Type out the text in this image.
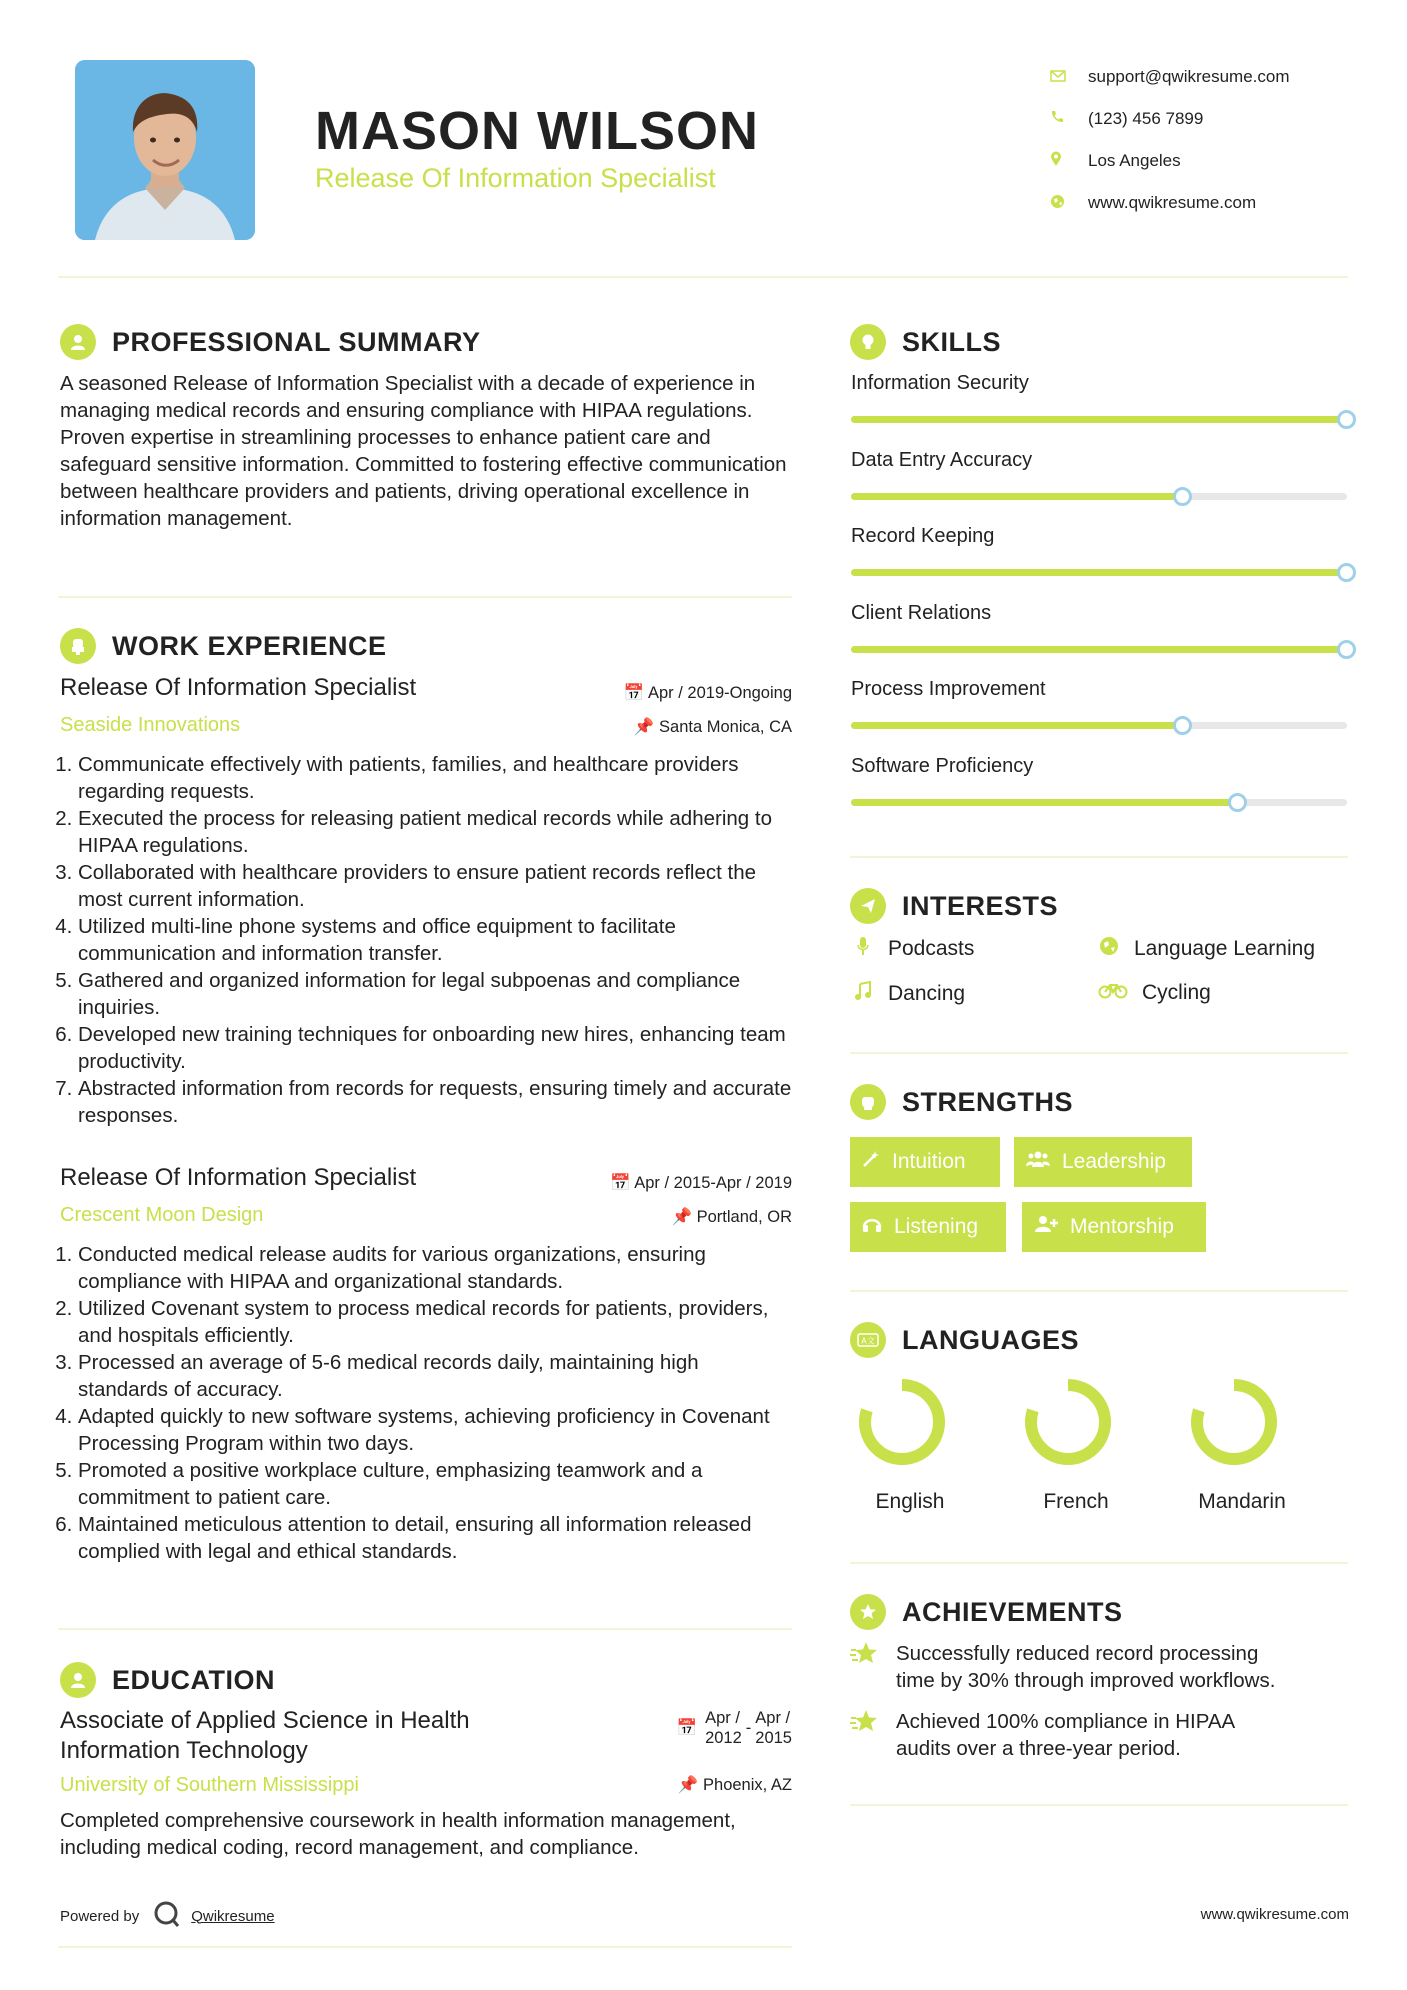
MASON WILSON
Release Of Information Specialist
support@qwikresume.com
(123) 456 7899
Los Angeles
www.qwikresume.com
PROFESSIONAL SUMMARY
A seasoned Release of Information Specialist with a decade of experience in managing medical records and ensuring compliance with HIPAA regulations. Proven expertise in streamlining processes to enhance patient care and safeguard sensitive information. Committed to fostering effective communication between healthcare providers and patients, driving operational excellence in information management.
WORK EXPERIENCE
Release Of Information Specialist	📅 Apr / 2019-Ongoing
Seaside Innovations	📌 Santa Monica, CA
1. Communicate effectively with patients, families, and healthcare providers regarding requests.
2. Executed the process for releasing patient medical records while adhering to HIPAA regulations.
3. Collaborated with healthcare providers to ensure patient records reflect the most current information.
4. Utilized multi-line phone systems and office equipment to facilitate communication and information transfer.
5. Gathered and organized information for legal subpoenas and compliance inquiries.
6. Developed new training techniques for onboarding new hires, enhancing team productivity.
7. Abstracted information from records for requests, ensuring timely and accurate responses.
Release Of Information Specialist	📅 Apr / 2015-Apr / 2019
Crescent Moon Design	📌 Portland, OR
1. Conducted medical release audits for various organizations, ensuring compliance with HIPAA and organizational standards.
2. Utilized Covenant system to process medical records for patients, providers, and hospitals efficiently.
3. Processed an average of 5-6 medical records daily, maintaining high standards of accuracy.
4. Adapted quickly to new software systems, achieving proficiency in Covenant Processing Program within two days.
5. Promoted a positive workplace culture, emphasizing teamwork and a commitment to patient care.
6. Maintained meticulous attention to detail, ensuring all information released complied with legal and ethical standards.
EDUCATION
Associate of Applied Science in Health
Information Technology
📅
Apr /
2012
-
Apr /
2015
University of Southern Mississippi	📌 Phoenix, AZ
Completed comprehensive coursework in health information management, including medical coding, record management, and compliance.
SKILLS
Information Security
Data Entry Accuracy
Record Keeping
Client Relations
Process Improvement
Software Proficiency
INTERESTS
Podcasts	Language Learning
Dancing	Cycling
STRENGTHS
Intuition	Leadership
Listening	Mentorship
A文 LANGUAGES
English	French	Mandarin
ACHIEVEMENTS
Successfully reduced record processing
time by 30% through improved workflows.
Achieved 100% compliance in HIPAA
audits over a three-year period.
Powered by	Qwikresume	www.qwikresume.com
